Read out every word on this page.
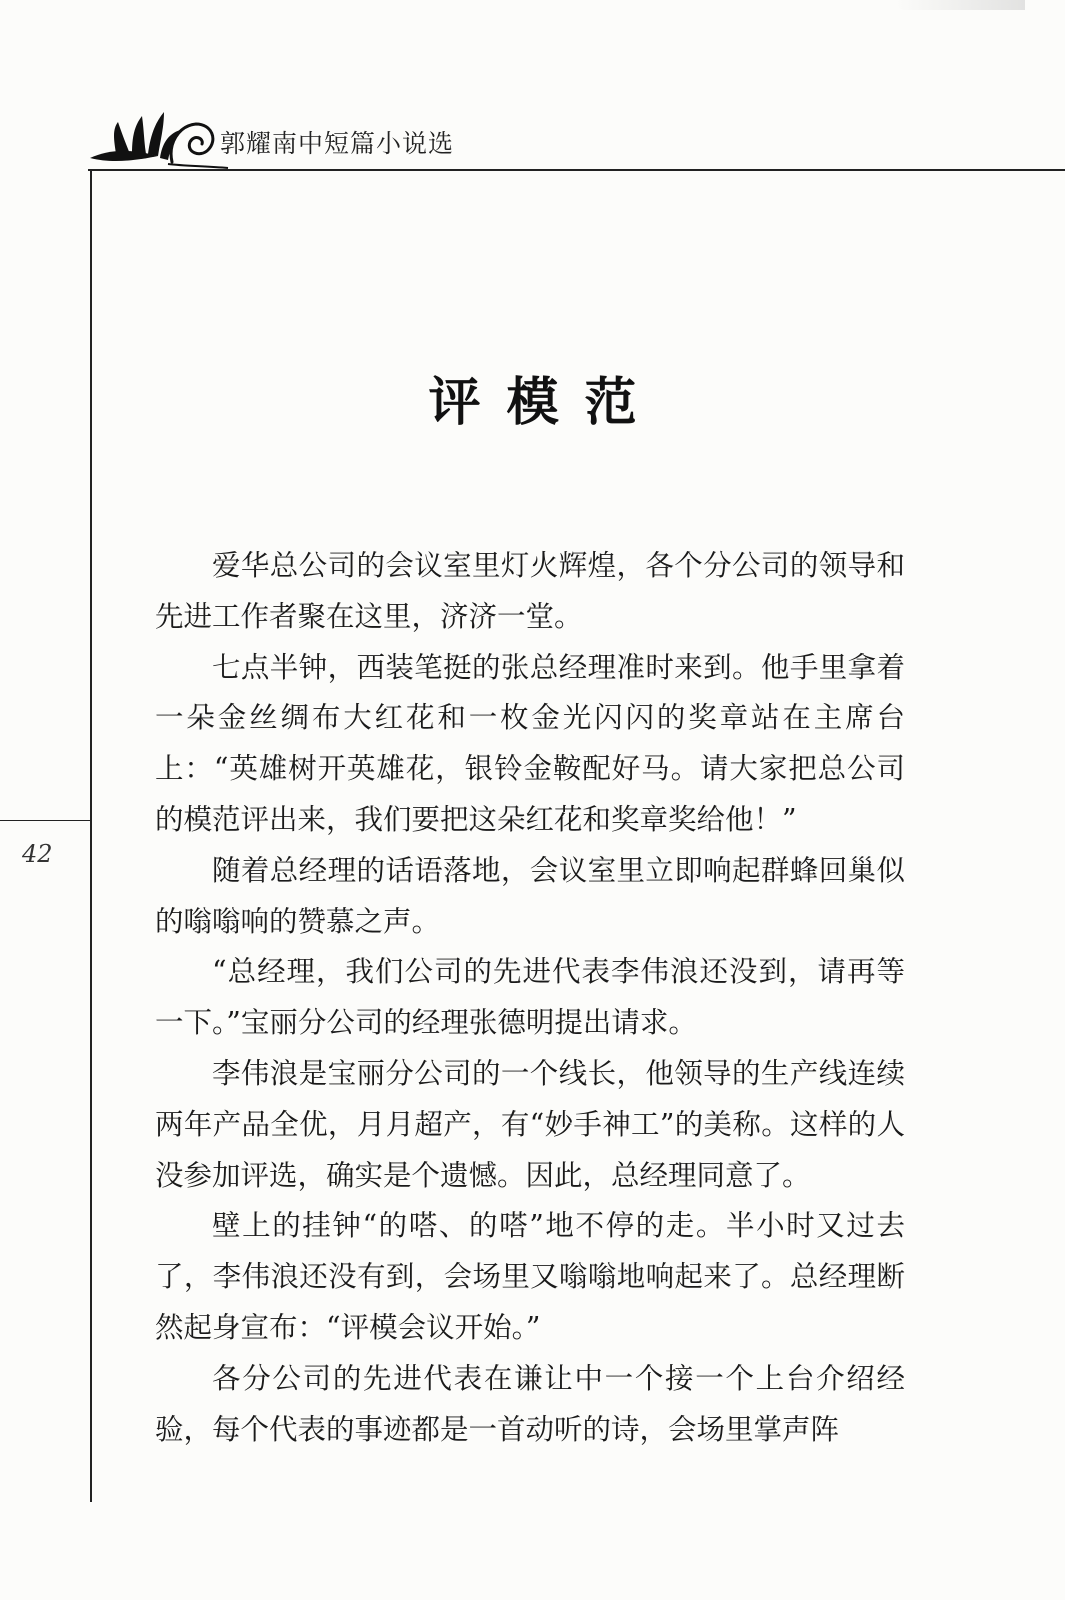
郭耀南中短篇小说选
42
评模范

爱华总公司的会议室里灯火辉煌，各个分公司的领导和先进工作者聚在这里，济济一堂。

七点半钟，西装笔挺的张总经理准时来到。他手里拿着一朵金丝绸布大红花和一枚金光闪闪的奖章站在主席台上：“英雄树开英雄花，银铃金鞍配好马。请大家把总公司的模范评出来，我们要把这朵红花和奖章奖给他！”

随着总经理的话语落地，会议室里立即响起群蜂回巢似的嗡嗡响的赞慕之声。

“总经理，我们公司的先进代表李伟浪还没到，请再等一下。”宝丽分公司的经理张德明提出请求。

李伟浪是宝丽分公司的一个线长，他领导的生产线连续两年产品全优，月月超产，有“妙手神工”的美称。这样的人没参加评选，确实是个遗憾。因此，总经理同意了。

壁上的挂钟“的嗒、的嗒”地不停的走。半小时又过去了，李伟浪还没有到，会场里又嗡嗡地响起来了。总经理断然起身宣布：“评模会议开始。”

各分公司的先进代表在谦让中一个接一个上台介绍经验，每个代表的事迹都是一首动听的诗，会场里掌声阵
